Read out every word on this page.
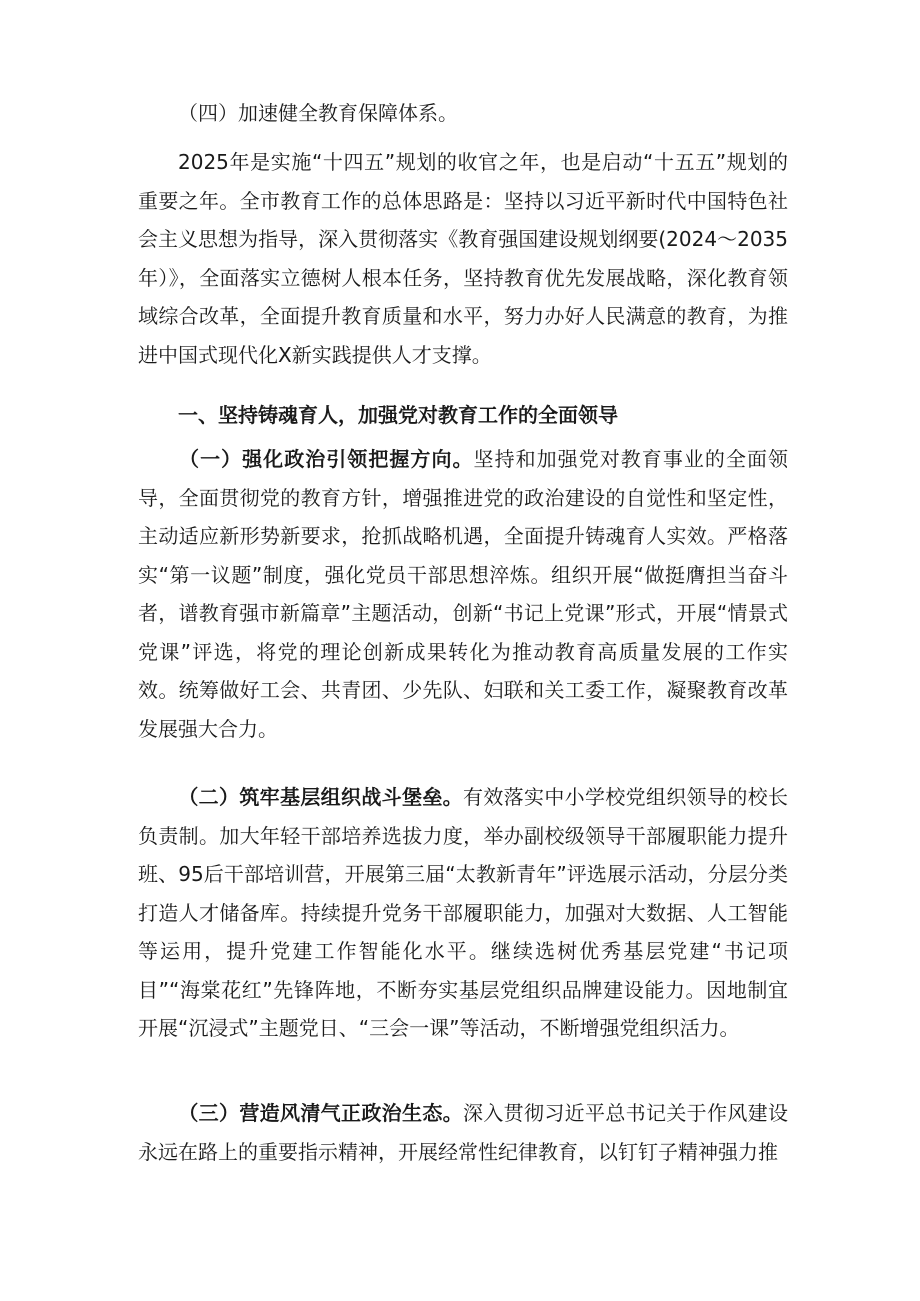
（四）加速健全教育保障体系。

2025年是实施“十四五”规划的收官之年，也是启动“十五五”规划的重要之年。全市教育工作的总体思路是：坚持以习近平新时代中国特色社会主义思想为指导，深入贯彻落实《教育强国建设规划纲要(2024〜2035年）》，全面落实立德树人根本任务，坚持教育优先发展战略，深化教育领域综合改革，全面提升教育质量和水平，努力办好人民满意的教育，为推进中国式现代化X新实践提供人才支撑。

一、坚持铸魂育人，加强党对教育工作的全面领导

（一）强化政治引领把握方向。坚持和加强党对教育事业的全面领导，全面贯彻党的教育方针，增强推进党的政治建设的自觉性和坚定性，主动适应新形势新要求，抢抓战略机遇，全面提升铸魂育人实效。严格落实“第一议题”制度，强化党员干部思想淬炼。组织开展“做挺膺担当奋斗者，谱教育强市新篇章”主题活动，创新“书记上党课”形式，开展“情景式党课”评选，将党的理论创新成果转化为推动教育高质量发展的工作实效。统筹做好工会、共青团、少先队、妇联和关工委工作，凝聚教育改革发展强大合力。

（二）筑牢基层组织战斗堡垒。有效落实中小学校党组织领导的校长负责制。加大年轻干部培养选拔力度，举办副校级领导干部履职能力提升班、95后干部培训营，开展第三届“太教新青年”评选展示活动，分层分类打造人才储备库。持续提升党务干部履职能力，加强对大数据、人工智能等运用，提升党建工作智能化水平。继续选树优秀基层党建“书记项目”“海棠花红”先锋阵地，不断夯实基层党组织品牌建设能力。因地制宜开展“沉浸式”主题党日、“三会一课”等活动，不断增强党组织活力。

（三）营造风清气正政治生态。深入贯彻习近平总书记关于作风建设永远在路上的重要指示精神，开展经常性纪律教育，以钉钉子精神强力推
